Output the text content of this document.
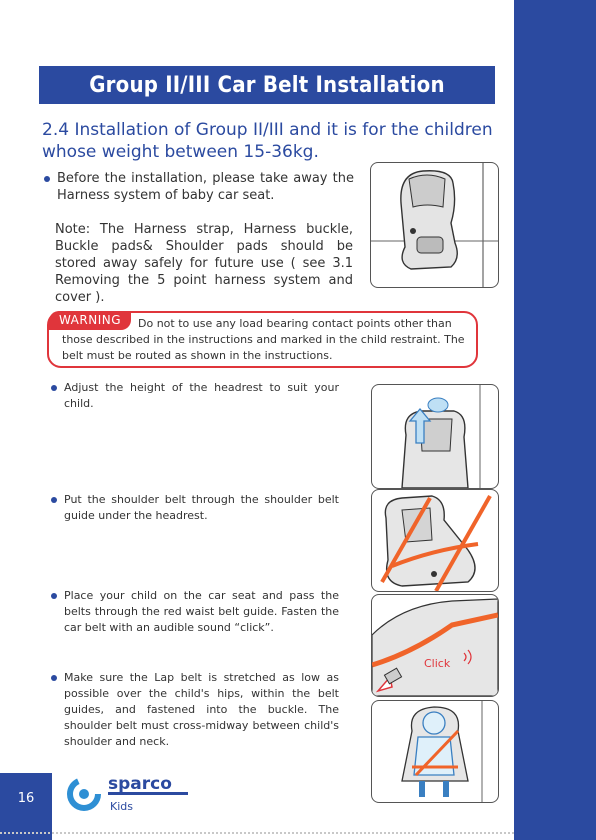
Group II/III Car Belt Installation
2.4 Installation of Group II/III and it is for the children whose weight between 15-36kg.
Before the installation, please take away the Harness system of baby car seat.
Note: The Harness strap, Harness buckle, Buckle pads& Shoulder pads should be stored away safely for future use ( see 3.1 Removing the 5 point harness system and cover ).
WARNING	Do not to use any load bearing contact points other than those described in the instructions and marked in the child restraint. The belt must be routed as shown in the instructions.
Adjust the height of the headrest to suit your child.
Put the shoulder belt through the shoulder belt guide under the headrest.
Place your child on the car seat and pass the belts through the red waist belt guide. Fasten the car belt with an audible sound “click”.
Click
Make sure the Lap belt is stretched as low as possible over the child's hips, within the belt guides, and fastened into the buckle. The shoulder belt must cross-midway between child's shoulder and neck.
16
sparco
Kids
